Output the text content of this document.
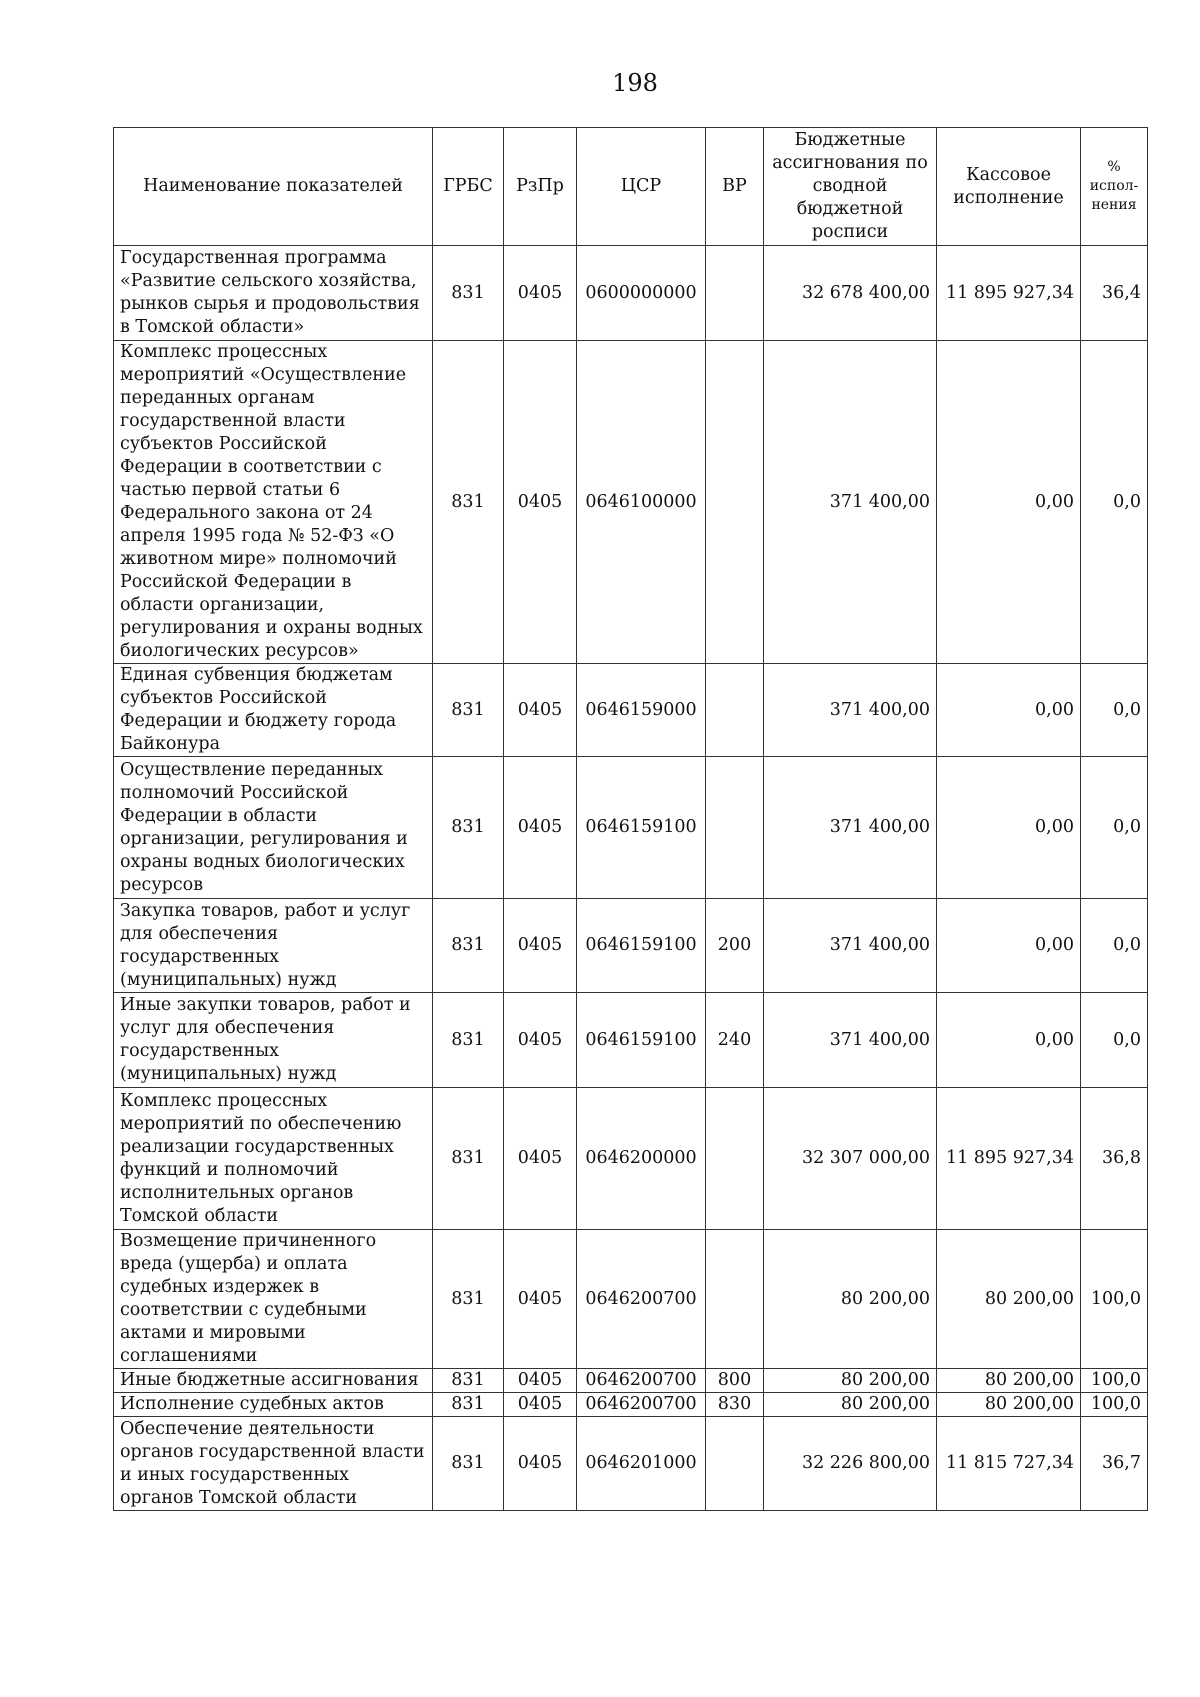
198
Наименование показателей	ГРБС	РзПр	ЦСР	ВР	Бюджетные ассигнования по сводной бюджетной росписи	Кассовое исполнение	% испол-нения
Государственная программа «Развитие сельского хозяйства, рынков сырья и продовольствия в Томской области»	831	0405	0600000000		32 678 400,00	11 895 927,34	36,4
Комплекс процессных мероприятий «Осуществление переданных органам государственной власти субъектов Российской Федерации в соответствии с частью первой статьи 6 Федерального закона от 24 апреля 1995 года № 52-ФЗ «О животном мире» полномочий Российской Федерации в области организации, регулирования и охраны водных биологических ресурсов»	831	0405	0646100000		371 400,00	0,00	0,0
Единая субвенция бюджетам субъектов Российской Федерации и бюджету города Байконура	831	0405	0646159000		371 400,00	0,00	0,0
Осуществление переданных полномочий Российской Федерации в области организации, регулирования и охраны водных биологических ресурсов	831	0405	0646159100		371 400,00	0,00	0,0
Закупка товаров, работ и услуг для обеспечения государственных (муниципальных) нужд	831	0405	0646159100	200	371 400,00	0,00	0,0
Иные закупки товаров, работ и услуг для обеспечения государственных (муниципальных) нужд	831	0405	0646159100	240	371 400,00	0,00	0,0
Комплекс процессных мероприятий по обеспечению реализации государственных функций и полномочий исполнительных органов Томской области	831	0405	0646200000		32 307 000,00	11 895 927,34	36,8
Возмещение причиненного вреда (ущерба) и оплата судебных издержек в соответствии с судебными актами и мировыми соглашениями	831	0405	0646200700		80 200,00	80 200,00	100,0
Иные бюджетные ассигнования	831	0405	0646200700	800	80 200,00	80 200,00	100,0
Исполнение судебных актов	831	0405	0646200700	830	80 200,00	80 200,00	100,0
Обеспечение деятельности органов государственной власти и иных государственных органов Томской области	831	0405	0646201000		32 226 800,00	11 815 727,34	36,7
